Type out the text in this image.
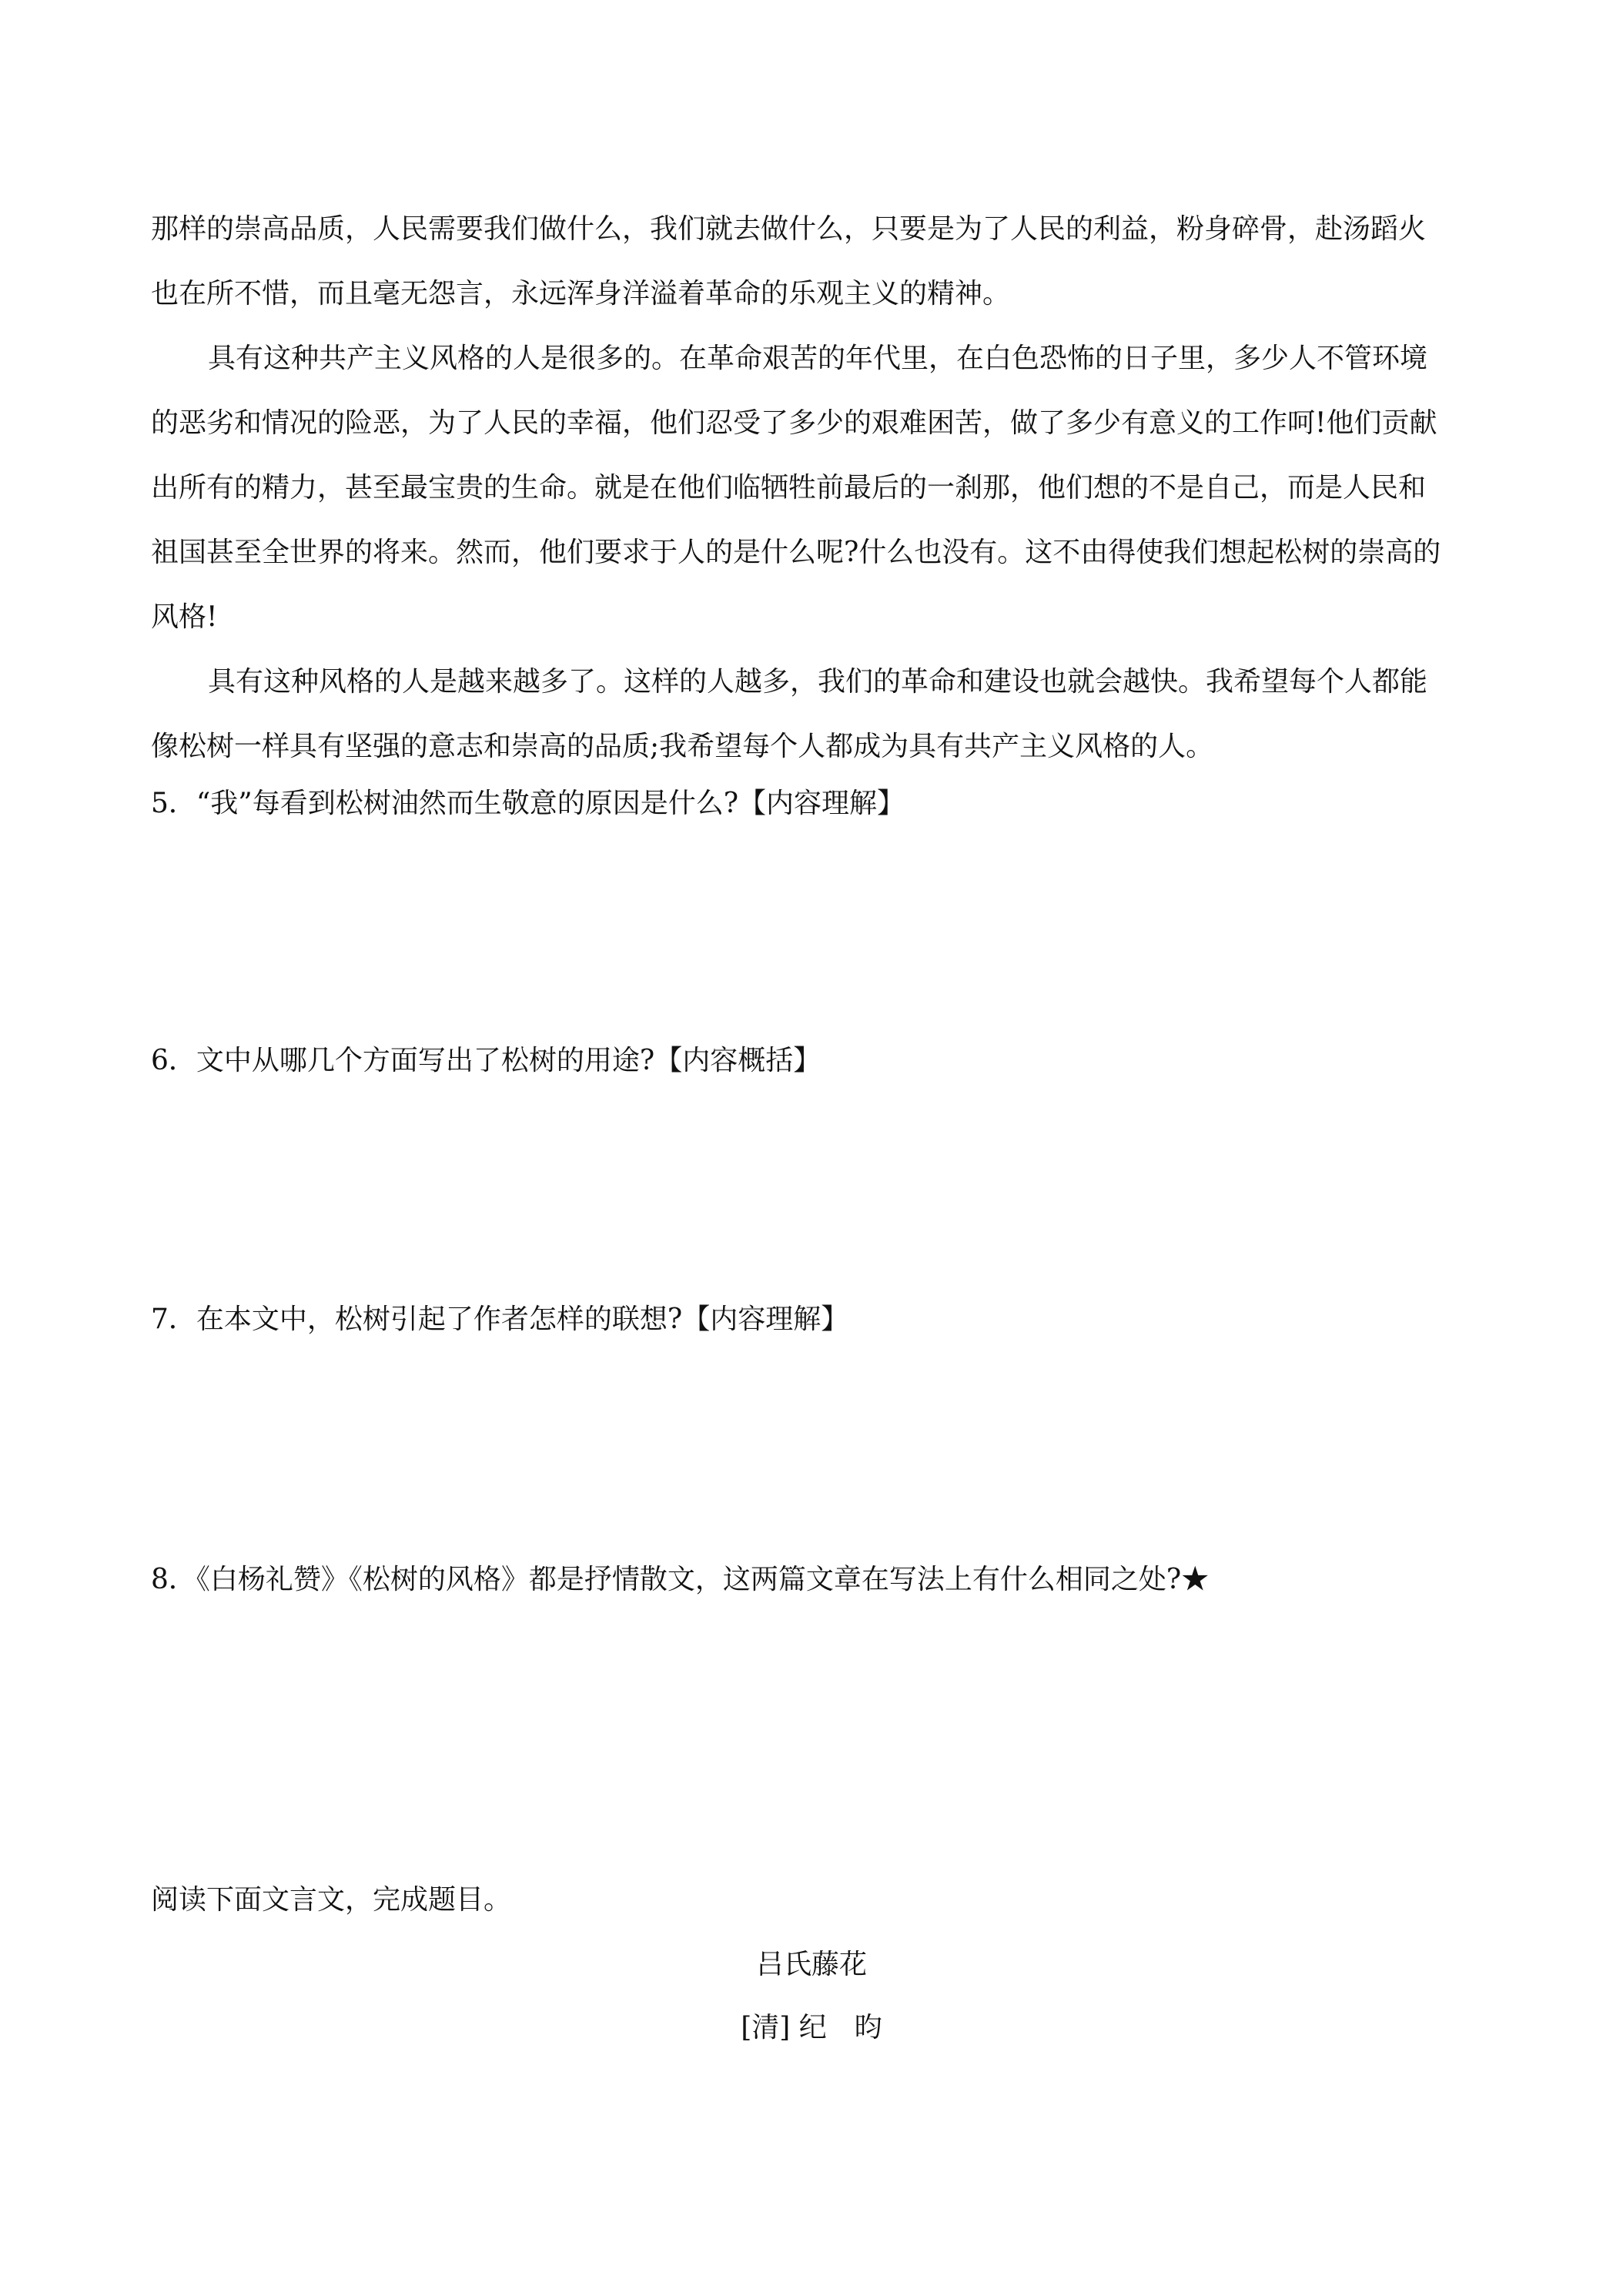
那样的崇高品质，人民需要我们做什么，我们就去做什么，只要是为了人民的利益，粉身碎骨，赴汤蹈火
也在所不惜，而且毫无怨言，永远浑身洋溢着革命的乐观主义的精神。
具有这种共产主义风格的人是很多的。在革命艰苦的年代里，在白色恐怖的日子里，多少人不管环境
的恶劣和情况的险恶，为了人民的幸福，他们忍受了多少的艰难困苦，做了多少有意义的工作呵!他们贡献
出所有的精力，甚至最宝贵的生命。就是在他们临牺牲前最后的一刹那，他们想的不是自己，而是人民和
祖国甚至全世界的将来。然而，他们要求于人的是什么呢?什么也没有。这不由得使我们想起松树的崇高的
风格!
具有这种风格的人是越来越多了。这样的人越多，我们的革命和建设也就会越快。我希望每个人都能
像松树一样具有坚强的意志和崇高的品质;我希望每个人都成为具有共产主义风格的人。
5．“我”每看到松树油然而生敬意的原因是什么?【内容理解】
6．文中从哪几个方面写出了松树的用途?【内容概括】
7．在本文中，松树引起了作者怎样的联想?【内容理解】
8．《白杨礼赞》《松树的风格》都是抒情散文，这两篇文章在写法上有什么相同之处?★
阅读下面文言文，完成题目。
吕氏藤花
[清] 纪　昀
